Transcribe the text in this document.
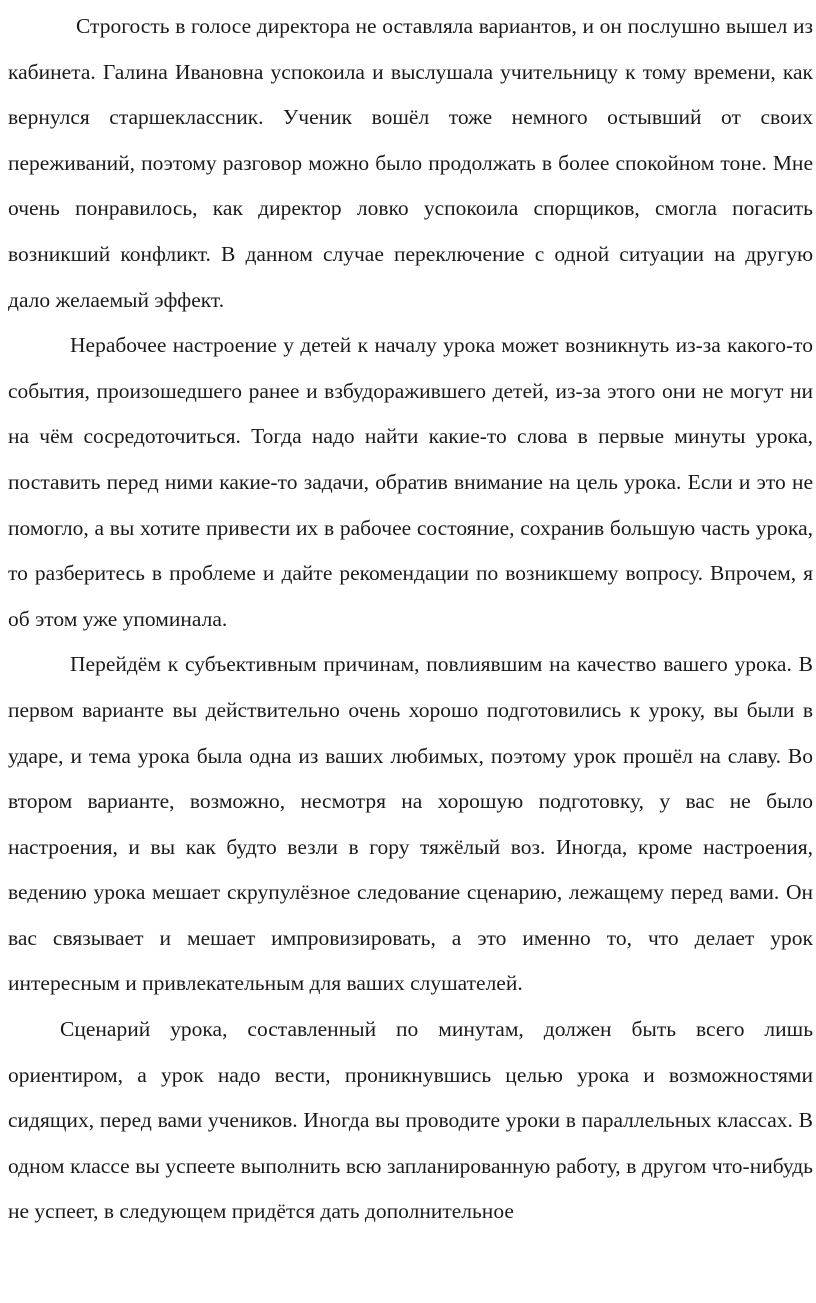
Строгость в голосе директора не оставляла вариантов, и он послушно вышел из кабинета. Галина Ивановна успокоила и выслушала учительницу к тому времени, как вернулся старшеклассник. Ученик вошёл тоже немного остывший от своих переживаний, поэтому разговор можно было продолжать в более спокойном тоне. Мне очень понравилось, как директор ловко успокоила спорщиков, смогла погасить возникший конфликт. В данном случае переключение с одной ситуации на другую дало желаемый эффект.

Нерабочее настроение у детей к началу урока может возникнуть из-за какого-то события, произошедшего ранее и взбудоражившего детей, из-за этого они не могут ни на чём сосредоточиться. Тогда надо найти какие-то слова в первые минуты урока, поставить перед ними какие-то задачи, обратив внимание на цель урока. Если и это не помогло, а вы хотите привести их в рабочее состояние, сохранив большую часть урока, то разберитесь в проблеме и дайте рекомендации по возникшему вопросу. Впрочем, я об этом уже упоминала.

Перейдём к субъективным причинам, повлиявшим на качество вашего урока. В первом варианте вы действительно очень хорошо подготовились к уроку, вы были в ударе, и тема урока была одна из ваших любимых, поэтому урок прошёл на славу. Во втором варианте, возможно, несмотря на хорошую подготовку, у вас не было настроения, и вы как будто везли в гору тяжёлый воз. Иногда, кроме настроения, ведению урока мешает скрупулёзное следование сценарию, лежащему перед вами. Он вас связывает и мешает импровизировать, а это именно то, что делает урок интересным и привлекательным для ваших слушателей.

Сценарий урока, составленный по минутам, должен быть всего лишь ориентиром, а урок надо вести, проникнувшись целью урока и возможностями сидящих, перед вами учеников. Иногда вы проводите уроки в параллельных классах. В одном классе вы успеете выполнить всю запланированную работу, в другом что-нибудь не успеет, в следующем придётся дать дополнительное
